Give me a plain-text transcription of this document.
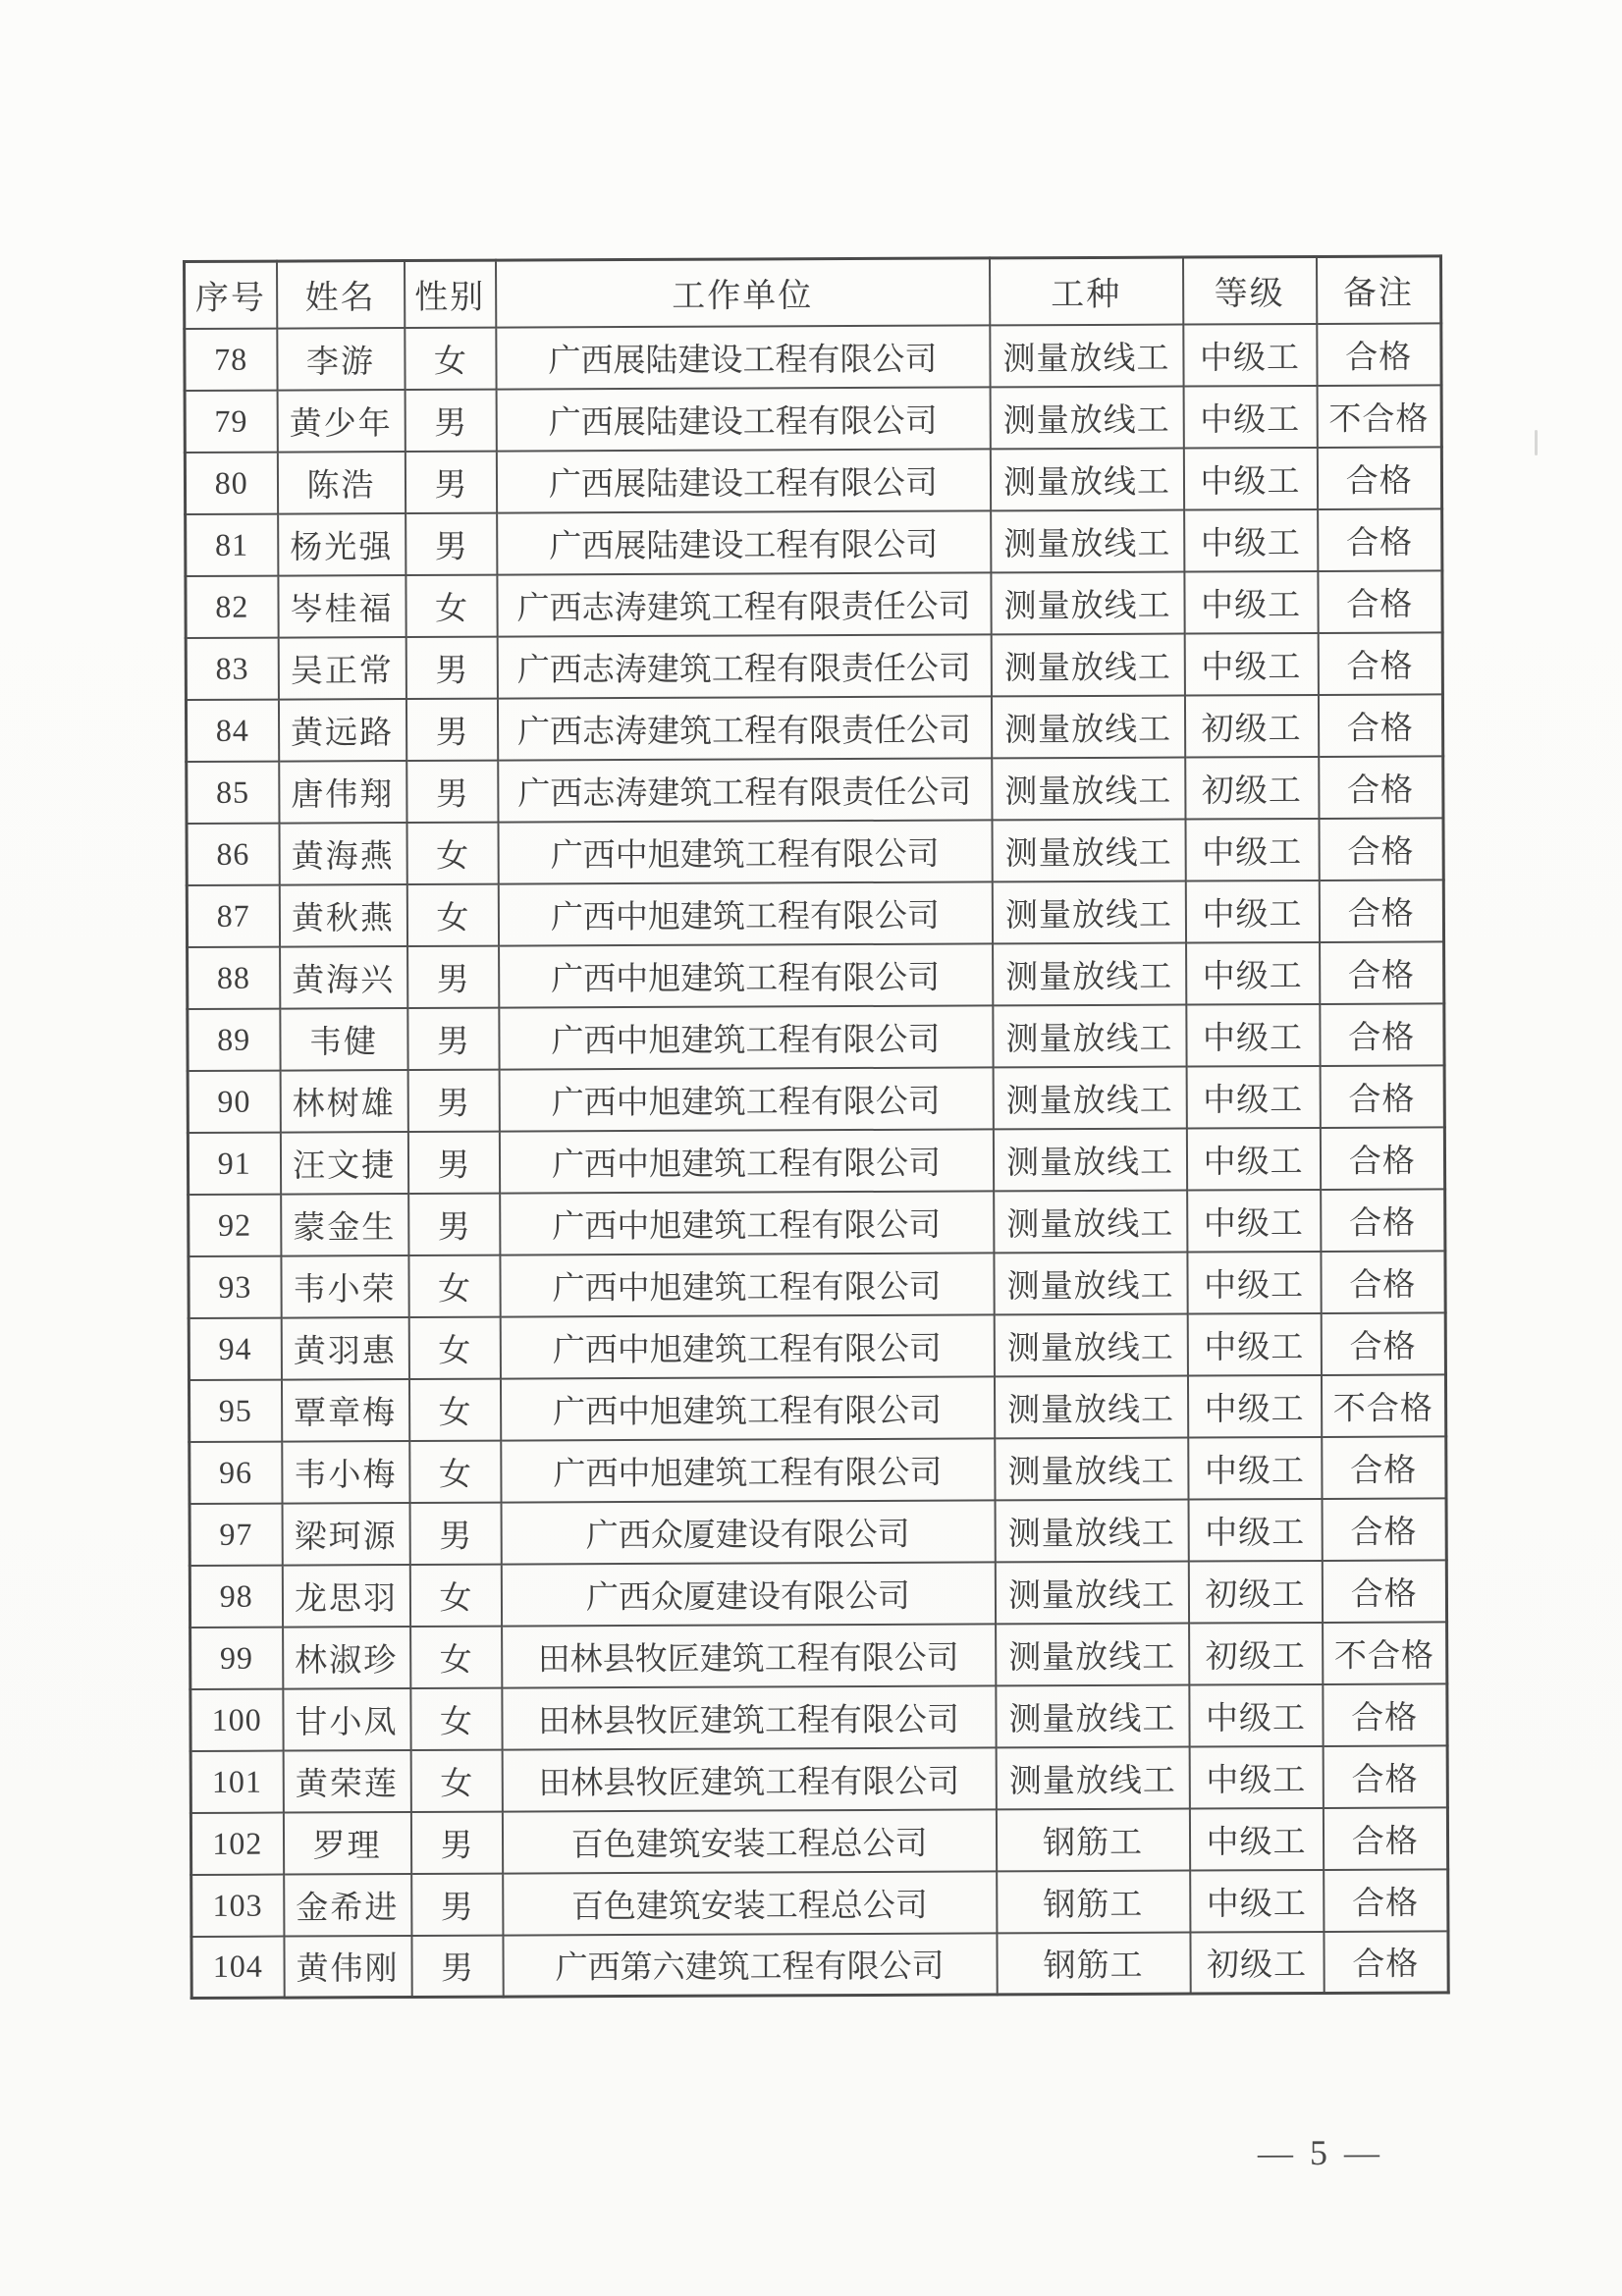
序号	姓名	性别	工作单位	工种	等级	备注
78	李游	女	广西展陆建设工程有限公司	测量放线工	中级工	合格
79	黄少年	男	广西展陆建设工程有限公司	测量放线工	中级工	不合格
80	陈浩	男	广西展陆建设工程有限公司	测量放线工	中级工	合格
81	杨光强	男	广西展陆建设工程有限公司	测量放线工	中级工	合格
82	岑桂福	女	广西志涛建筑工程有限责任公司	测量放线工	中级工	合格
83	吴正常	男	广西志涛建筑工程有限责任公司	测量放线工	中级工	合格
84	黄远路	男	广西志涛建筑工程有限责任公司	测量放线工	初级工	合格
85	唐伟翔	男	广西志涛建筑工程有限责任公司	测量放线工	初级工	合格
86	黄海燕	女	广西中旭建筑工程有限公司	测量放线工	中级工	合格
87	黄秋燕	女	广西中旭建筑工程有限公司	测量放线工	中级工	合格
88	黄海兴	男	广西中旭建筑工程有限公司	测量放线工	中级工	合格
89	韦健	男	广西中旭建筑工程有限公司	测量放线工	中级工	合格
90	林树雄	男	广西中旭建筑工程有限公司	测量放线工	中级工	合格
91	汪文捷	男	广西中旭建筑工程有限公司	测量放线工	中级工	合格
92	蒙金生	男	广西中旭建筑工程有限公司	测量放线工	中级工	合格
93	韦小荣	女	广西中旭建筑工程有限公司	测量放线工	中级工	合格
94	黄羽惠	女	广西中旭建筑工程有限公司	测量放线工	中级工	合格
95	覃章梅	女	广西中旭建筑工程有限公司	测量放线工	中级工	不合格
96	韦小梅	女	广西中旭建筑工程有限公司	测量放线工	中级工	合格
97	梁珂源	男	广西众厦建设有限公司	测量放线工	中级工	合格
98	龙思羽	女	广西众厦建设有限公司	测量放线工	初级工	合格
99	林淑珍	女	田林县牧匠建筑工程有限公司	测量放线工	初级工	不合格
100	甘小凤	女	田林县牧匠建筑工程有限公司	测量放线工	中级工	合格
101	黄荣莲	女	田林县牧匠建筑工程有限公司	测量放线工	中级工	合格
102	罗理	男	百色建筑安装工程总公司	钢筋工	中级工	合格
103	金希进	男	百色建筑安装工程总公司	钢筋工	中级工	合格
104	黄伟刚	男	广西第六建筑工程有限公司	钢筋工	初级工	合格
— 5 —
